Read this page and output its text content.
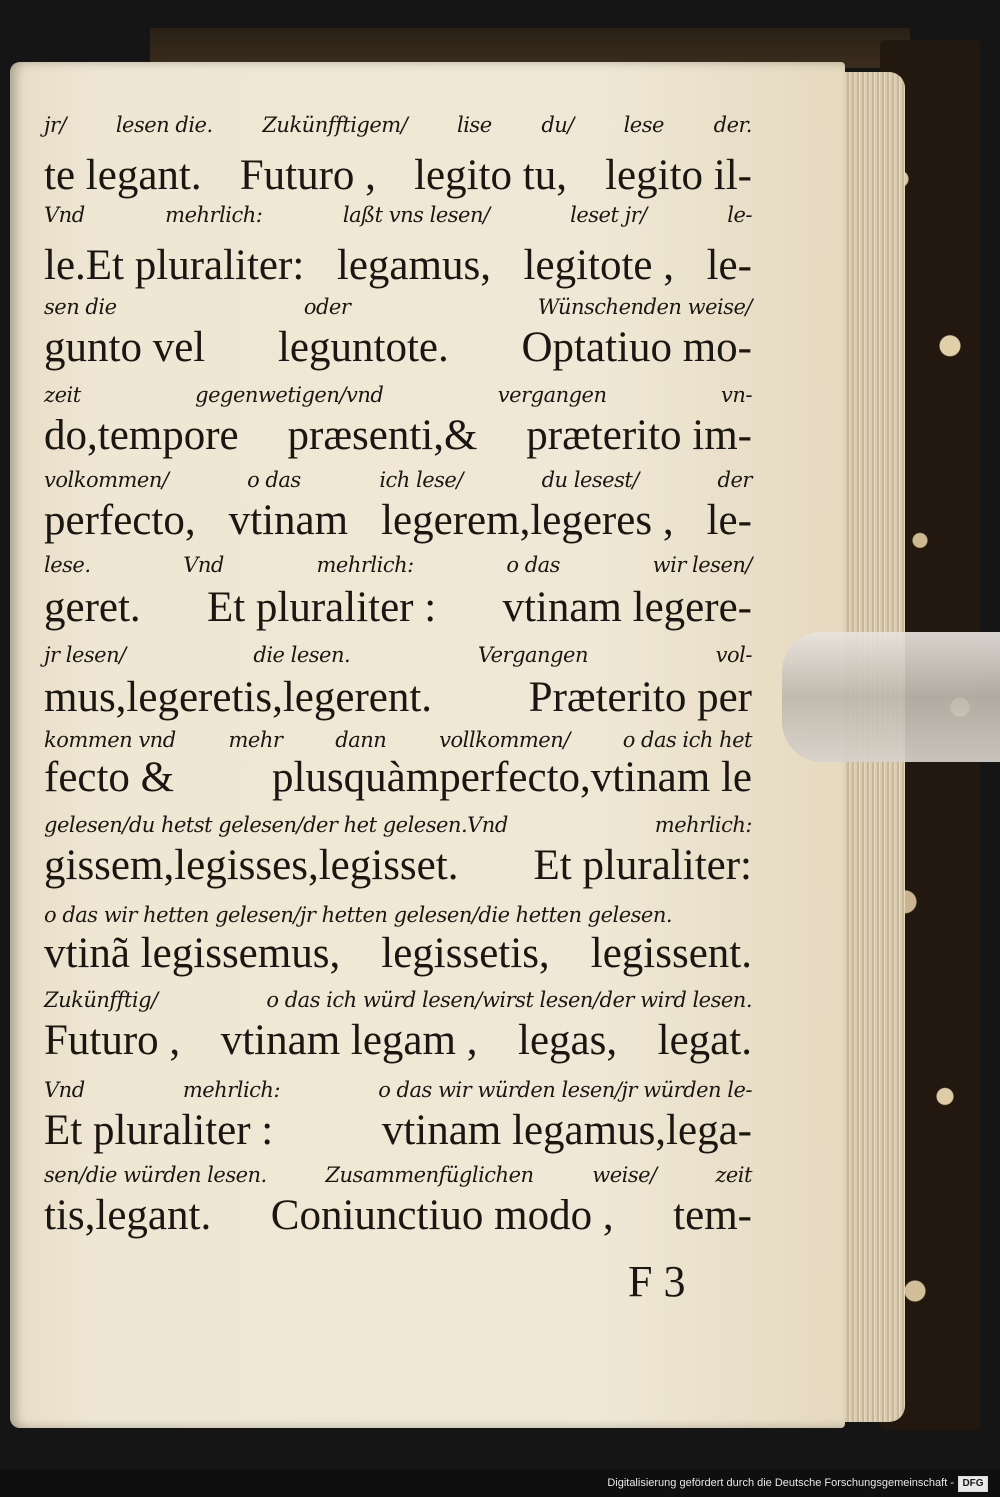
jr/ lesen die. Zukünfftigem/ lise du/ lese der.
te legant. Futuro , legito tu, legito il-
Vnd	mehrlich:	laßt vns lesen/	leset jr/	le-
le.Et pluraliter: legamus, legitote , le-
sen die	oder	Wünschenden weise/
gunto vel leguntote. Optatiuo mo-
zeit	gegenwetigen/vnd	vergangen	vn-
do,tempore præsenti,& præterito im-
volkommen/	o das	ich lese/	du lesest/	der
perfecto, vtinam legerem,legeres , le-
lese.	Vnd	mehrlich:	o das	wir lesen/
geret. Et pluraliter : vtinam legere-
jr lesen/	die lesen.	Vergangen	vol-
mus,legeretis,legerent. Præterito per
kommen vnd	mehr	dann	vollkommen/	o das ich het
fecto & plusquàmperfecto,vtinam le
gelesen/du hetst gelesen/der het gelesen.Vnd	mehrlich:
gissem,legisses,legisset. Et pluraliter:
o das wir hetten gelesen/jr hetten gelesen/die hetten gelesen.
vtinã legissemus, legissetis, legissent.
Zukünfftig/	o das ich würd lesen/wirst lesen/der wird lesen.
Futuro , vtinam legam , legas, legat.
Vnd	mehrlich:	o das wir würden lesen/jr würden le-
Et pluraliter :	vtinam legamus,lega-
sen/die würden lesen.	Zusammenfüglichen	weise/	zeit
tis,legant. Coniunctiuo modo , tem-
F 3
Digitalisierung gefördert durch die Deutsche Forschungsgemeinschaft - DFG
